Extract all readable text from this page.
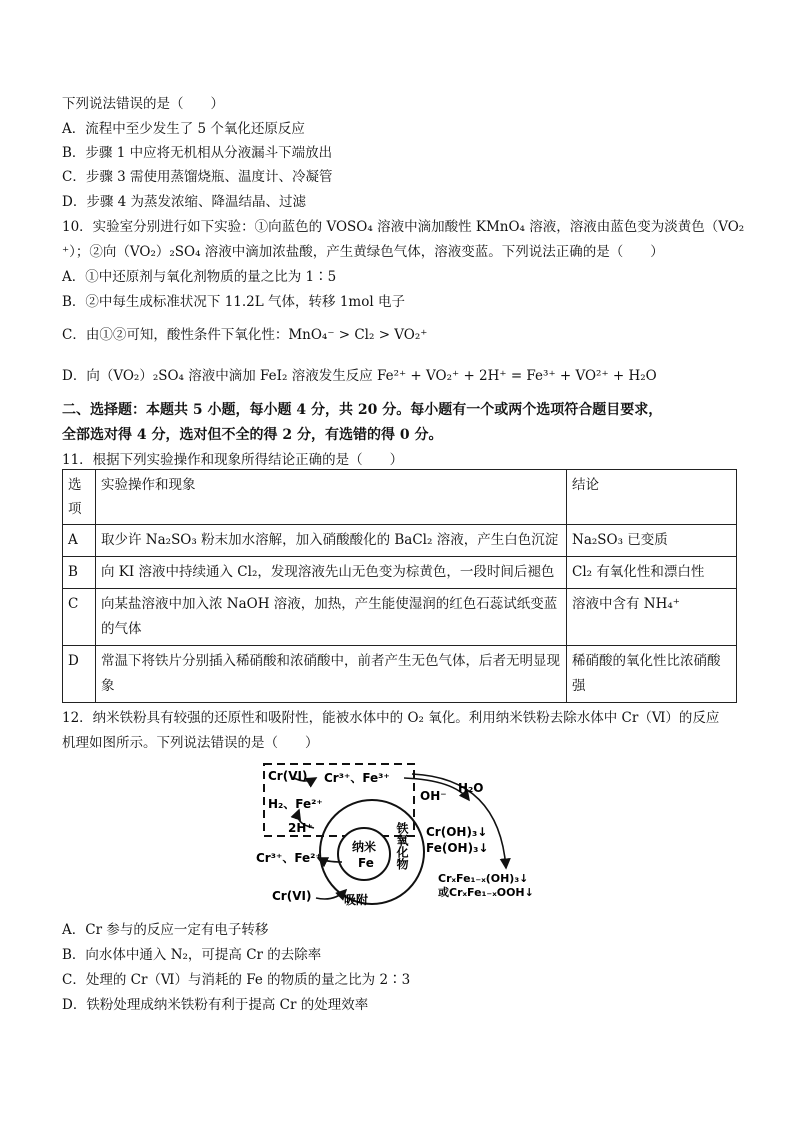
下列说法错误的是（　　）
A．流程中至少发生了 5 个氧化还原反应
B．步骤 1 中应将无机相从分液漏斗下端放出
C．步骤 3 需使用蒸馏烧瓶、温度计、冷凝管
D．步骤 4 为蒸发浓缩、降温结晶、过滤
10．实验室分别进行如下实验：①向蓝色的 VOSO₄ 溶液中滴加酸性 KMnO₄ 溶液，溶液由蓝色变为淡黄色（VO₂
⁺）；②向（VO₂）₂SO₄ 溶液中滴加浓盐酸，产生黄绿色气体，溶液变蓝。下列说法正确的是（　　）
A．①中还原剂与氧化剂物质的量之比为 1∶5
B．②中每生成标准状况下 11.2L 气体，转移 1mol 电子
C．由①②可知，酸性条件下氧化性：MnO₄⁻ > Cl₂ > VO₂⁺
D．向（VO₂）₂SO₄ 溶液中滴加 FeI₂ 溶液发生反应 Fe²⁺ + VO₂⁺ + 2H⁺ = Fe³⁺ + VO²⁺ + H₂O
二、选择题：本题共 5 小题，每小题 4 分，共 20 分。每小题有一个或两个选项符合题目要求，
全部选对得 4 分，选对但不全的得 2 分，有选错的得 0 分。
11．根据下列实验操作和现象所得结论正确的是（　　）
选项	实验操作和现象	结论
A	取少许 Na₂SO₃ 粉末加水溶解，加入硝酸酸化的 BaCl₂ 溶液，产生白色沉淀	Na₂SO₃ 已变质
B	向 KI 溶液中持续通入 Cl₂，发现溶液先山无色变为棕黄色，一段时间后褪色	Cl₂ 有氧化性和漂白性
C	向某盐溶液中加入浓 NaOH 溶液，加热，产生能使湿润的红色石蕊试纸变蓝的气体	溶液中含有 NH₄⁺
D	常温下将铁片分别插入稀硝酸和浓硝酸中，前者产生无色气体，后者无明显现象	稀硝酸的氧化性比浓硝酸强
12．纳米铁粉具有较强的还原性和吸附性，能被水体中的 O₂ 氧化。利用纳米铁粉去除水体中 Cr（Ⅵ）的反应
机理如图所示。下列说法错误的是（　　）
Cr(VI) Cr³⁺、Fe³⁺
H₂、Fe²⁺
2H⁺
OH⁻
H₂O
Cr(OH)₃↓
Fe(OH)₃↓
CrₓFe₁₋ₓ(OH)₃↓
或CrₓFe₁₋ₓOOH↓
纳米
Fe 铁氧化物
Cr³⁺、Fe²⁺
Cr(VI)	吸附
A．Cr 参与的反应一定有电子转移
B．向水体中通入 N₂，可提高 Cr 的去除率
C．处理的 Cr（Ⅵ）与消耗的 Fe 的物质的量之比为 2∶3
D．铁粉处理成纳米铁粉有利于提高 Cr 的处理效率
